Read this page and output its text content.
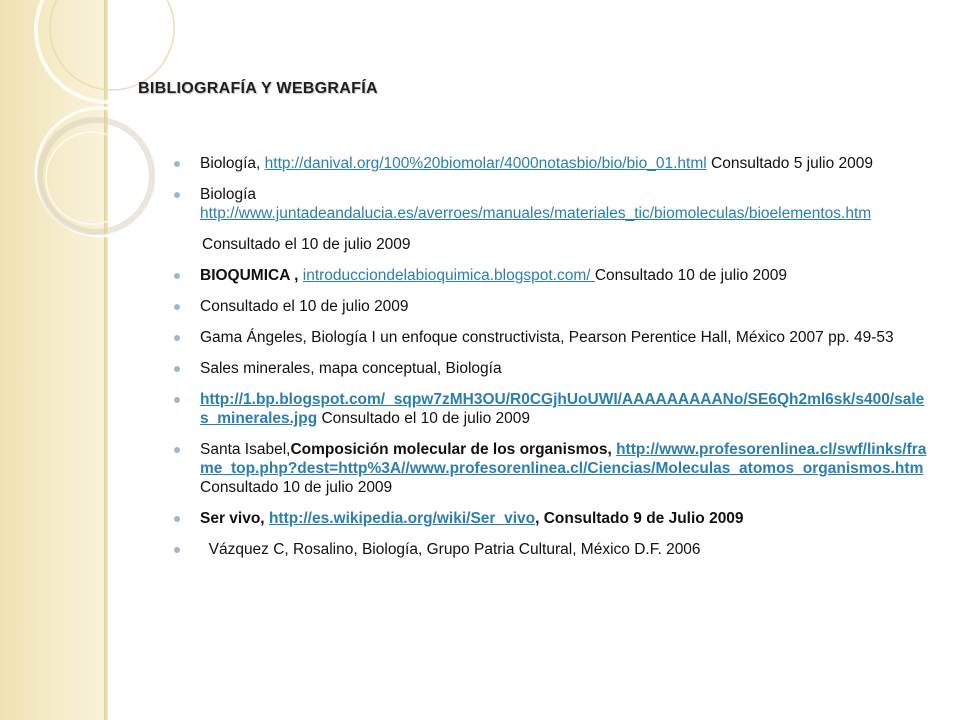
BIBLIOGRAFÍA Y WEBGRAFÍA
Biología, http://danival.org/100%20biomolar/4000notasbio/bio/bio_01.html Consultado 5 julio 2009
Biología
http://www.juntadeandalucia.es/averroes/manuales/materiales_tic/biomoleculas/bioelementos.htm
Consultado el 10 de julio 2009
BIOQUMICA , introducciondelabioquimica.blogspot.com/ Consultado 10 de julio 2009
Consultado el 10 de julio 2009
Gama Ángeles, Biología I un enfoque constructivista, Pearson Perentice Hall, México 2007 pp. 49-53
Sales minerales, mapa conceptual, Biología
http://1.bp.blogspot.com/_sqpw7zMH3OU/R0CGjhUoUWI/AAAAAAAAANo/SE6Qh2ml6sk/s400/sales_minerales.jpg Consultado el 10 de julio 2009
Santa Isabel,Composición molecular de los organismos, http://www.profesorenlinea.cl/swf/links/frame_top.php?dest=http%3A//www.profesorenlinea.cl/Ciencias/Moleculas_atomos_organismos.htm Consultado 10 de julio 2009
Ser vivo, http://es.wikipedia.org/wiki/Ser_vivo, Consultado 9 de Julio 2009
Vázquez C, Rosalino, Biología, Grupo Patria Cultural, México D.F. 2006
